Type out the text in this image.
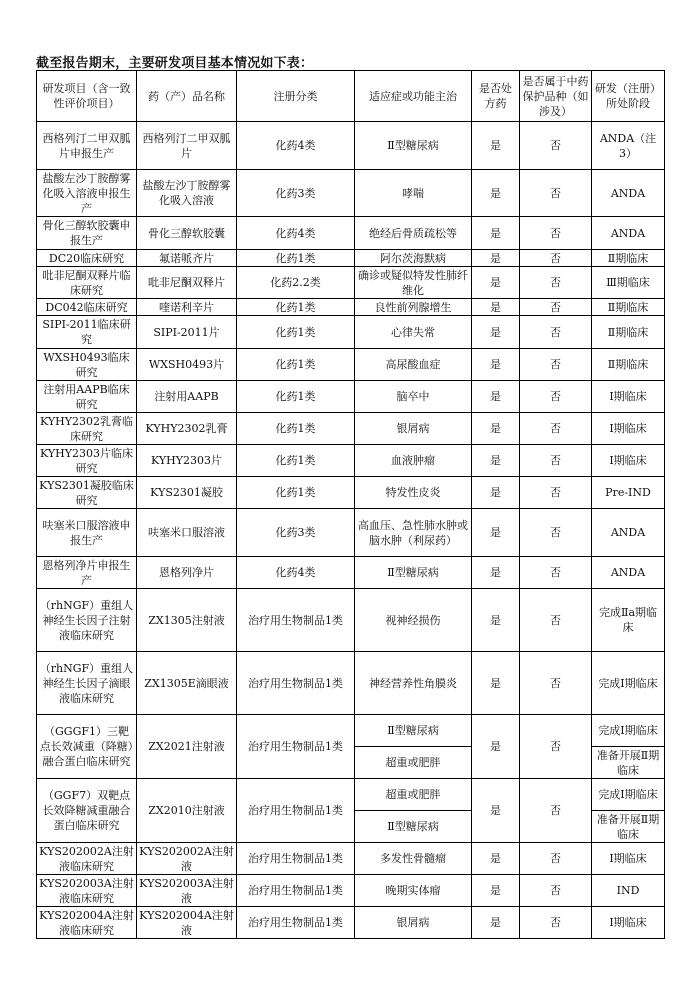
截至报告期末，主要研发项目基本情况如下表：
研发项目（含一致性评价项目）	药（产）品名称	注册分类	适应症或功能主治	是否处方药	是否属于中药保护品种（如涉及）	研发（注册）所处阶段
西格列汀二甲双胍片申报生产	西格列汀二甲双胍片	化药4类	Ⅱ型糖尿病	是	否	ANDA（注3）
盐酸左沙丁胺醇雾化吸入溶液申报生产	盐酸左沙丁胺醇雾化吸入溶液	化药3类	哮喘	是	否	ANDA
骨化三醇软胶囊申报生产	骨化三醇软胶囊	化药4类	绝经后骨质疏松等	是	否	ANDA
DC20临床研究	氟诺哌齐片	化药1类	阿尔茨海默病	是	否	Ⅱ期临床
吡非尼酮双释片临床研究	吡非尼酮双释片	化药2.2类	确诊或疑似特发性肺纤维化	是	否	Ⅲ期临床
DC042临床研究	喹诺利辛片	化药1类	良性前列腺增生	是	否	Ⅱ期临床
SIPI-2011临床研究	SIPI-2011片	化药1类	心律失常	是	否	Ⅱ期临床
WXSH0493临床研究	WXSH0493片	化药1类	高尿酸血症	是	否	Ⅱ期临床
注射用AAPB临床研究	注射用AAPB	化药1类	脑卒中	是	否	Ⅰ期临床
KYHY2302乳膏临床研究	KYHY2302乳膏	化药1类	银屑病	是	否	Ⅰ期临床
KYHY2303片临床研究	KYHY2303片	化药1类	血液肿瘤	是	否	Ⅰ期临床
KYS2301凝胶临床研究	KYS2301凝胶	化药1类	特发性皮炎	是	否	Pre-IND
呋塞米口服溶液申报生产	呋塞米口服溶液	化药3类	高血压、急性肺水肿或脑水肿（利尿药）	是	否	ANDA
恩格列净片申报生产	恩格列净片	化药4类	Ⅱ型糖尿病	是	否	ANDA
（rhNGF）重组人神经生长因子注射液临床研究	ZX1305注射液	治疗用生物制品1类	视神经损伤	是	否	完成Ⅱa期临床
（rhNGF）重组人神经生长因子滴眼液临床研究	ZX1305E滴眼液	治疗用生物制品1类	神经营养性角膜炎	是	否	完成Ⅰ期临床
（GGGF1）三靶点长效减重（降糖）融合蛋白临床研究	ZX2021注射液	治疗用生物制品1类	Ⅱ型糖尿病	是	否	完成Ⅰ期临床
			超重或肥胖			准备开展Ⅱ期临床
（GGF7）双靶点长效降糖减重融合蛋白临床研究	ZX2010注射液	治疗用生物制品1类	超重或肥胖	是	否	完成Ⅰ期临床
			Ⅱ型糖尿病			准备开展Ⅱ期临床
KYS202002A注射液临床研究	KYS202002A注射液	治疗用生物制品1类	多发性骨髓瘤	是	否	Ⅰ期临床
KYS202003A注射液临床研究	KYS202003A注射液	治疗用生物制品1类	晚期实体瘤	是	否	IND
KYS202004A注射液临床研究	KYS202004A注射液	治疗用生物制品1类	银屑病	是	否	Ⅰ期临床
